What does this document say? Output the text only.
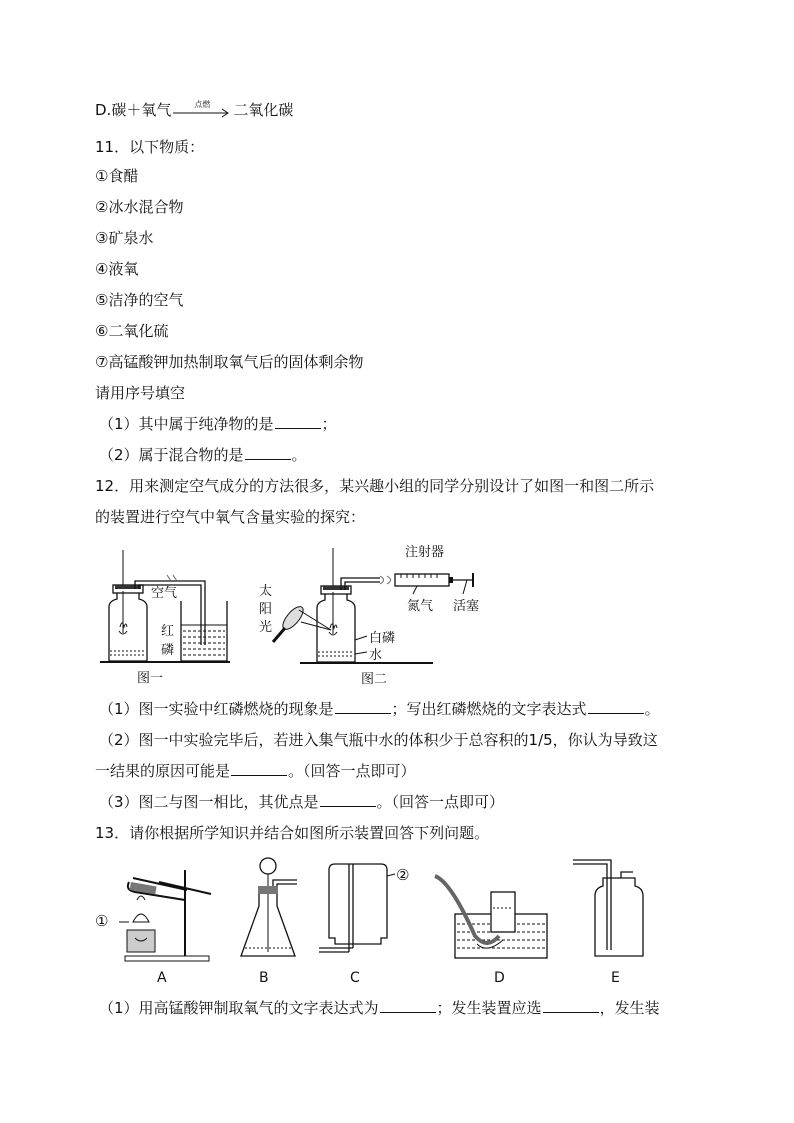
D.碳＋氧气	点燃	二氧化碳
11．以下物质：
①食醋
②冰水混合物
③矿泉水
④液氧
⑤洁净的空气
⑥二氧化硫
⑦高锰酸钾加热制取氧气后的固体剩余物
请用序号填空
（1）其中属于纯净物的是	；
（2）属于混合物的是	。
12．用来测定空气成分的方法很多，某兴趣小组的同学分别设计了如图一和图二所示
的装置进行空气中氧气含量实验的探究：
空气
红
磷
图一
注射器
氮气 活塞
太
阳
光
白磷
水
图二
（1）图一实验中红磷燃烧的现象是	；写出红磷燃烧的文字表达式	。
（2）图一中实验完毕后，若进入集气瓶中水的体积少于总容积的1/5，你认为导致这
一结果的原因可能是	。（回答一点即可）
（3）图二与图一相比，其优点是	。（回答一点即可）
13．请你根据所学知识并结合如图所示装置回答下列问题。
①
②
A	B	C	D	E
（1）用高锰酸钾制取氧气的文字表达式为	；发生装置应选	，发生装
